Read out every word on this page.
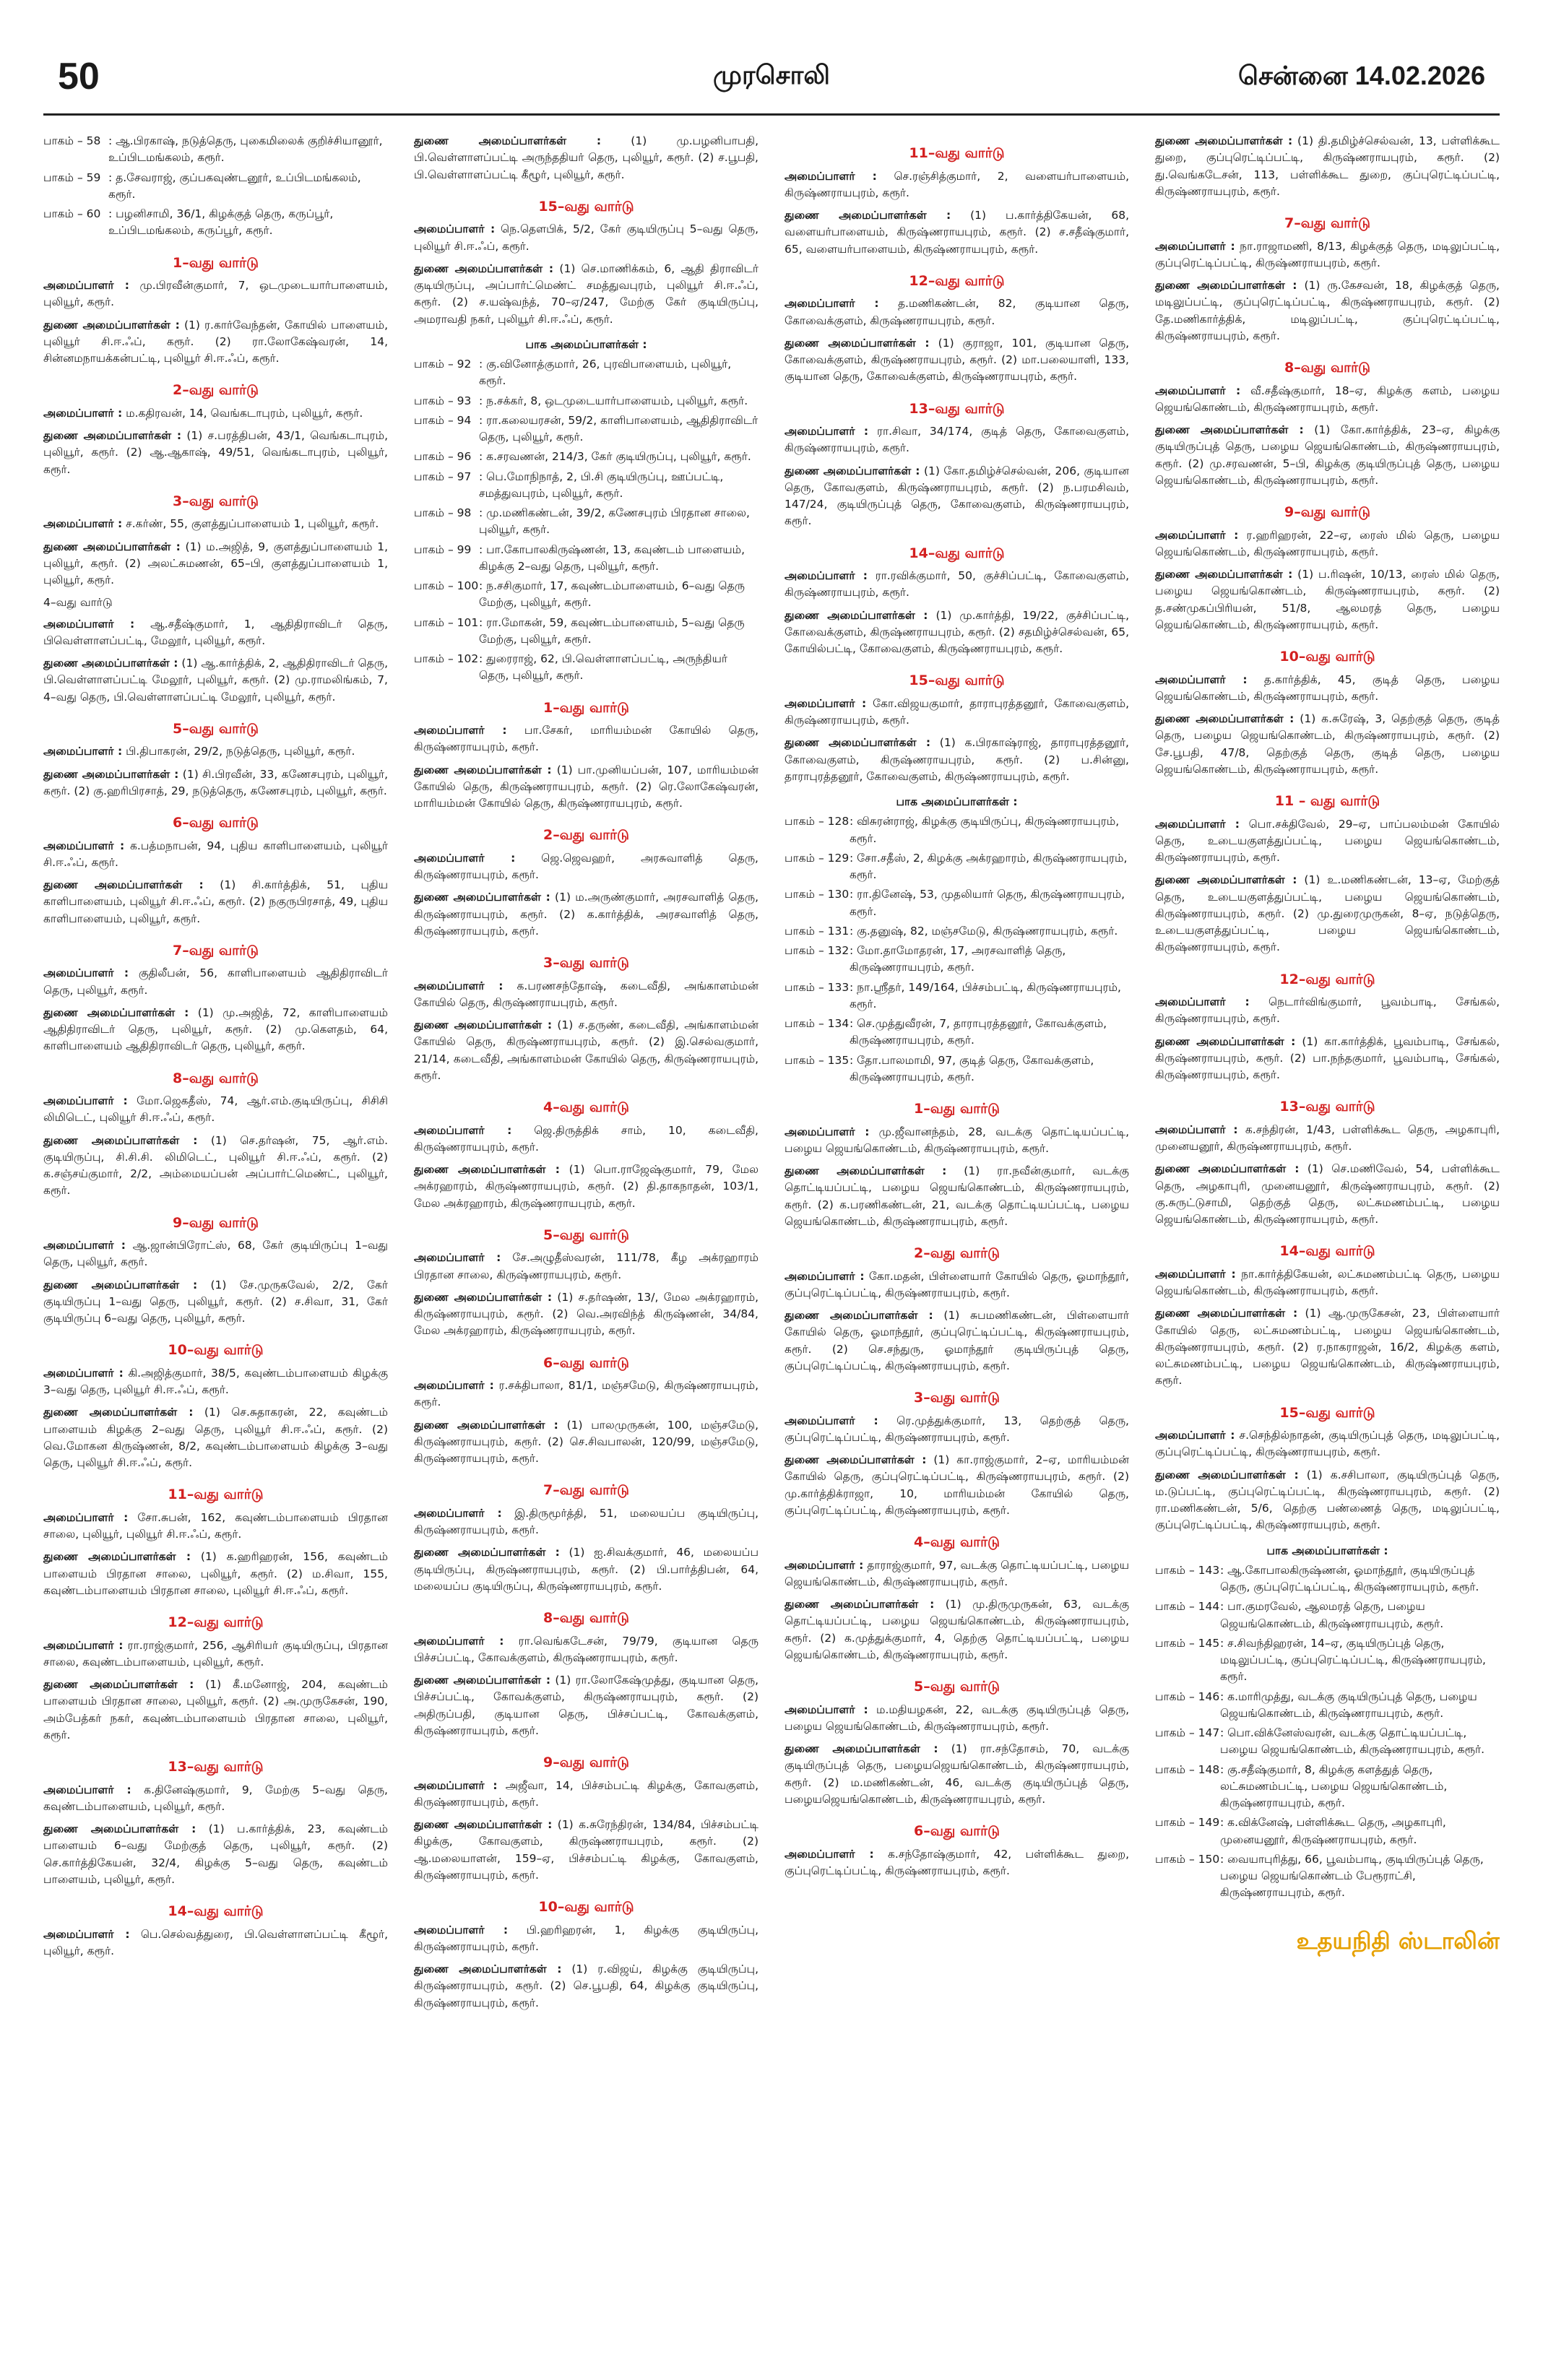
50	முரசொலி	சென்னை 14.02.2026
பாகம் – 58 : ஆ.பிரகாஷ், நடுத்தெரு, புகைமிலைக் குறிச்சியானூர், உப்பிடமங்கலம், கரூர்.
பாகம் – 59 : த.சேவராஜ், குப்பகவுண்டனூர், உப்பிடமங்கலம், கரூர்.
பாகம் – 60 : பழனிசாமி, 36/1, கிழக்குத் தெரு, கருப்பூர், உப்பிடமங்கலம், கருப்பூர், கரூர்.
1–வது வார்டு

அமைப்பாளர் : மு.பிரவீன்குமார், 7, ஒடமுடையார்பாளையம், புலியூர், கரூர்.

துணை அமைப்பாளர்கள் : (1) ர.கார்வேந்தன், கோயில் பாளையம், புலியூர் சி.ஈ.ஃப், கரூர். (2) ரா.லோகேஷ்வரன், 14, சின்னமநாயக்கன்பட்டி, புலியூர் சி.ஈ.ஃப், கரூர்.

2–வது வார்டு

அமைப்பாளர் : ம.கதிரவன், 14, வெங்கடாபுரம், புலியூர், கரூர்.

துணை அமைப்பாளர்கள் : (1) ச.பரத்திபன், 43/1, வெங்கடாபுரம், புலியூர், கரூர். (2) ஆ.ஆகாஷ், 49/51, வெங்கடாபுரம், புலியூர், கரூர்.

3–வது வார்டு

அமைப்பாளர் : ச.கர்ண், 55, குளத்துப்பாளையம் 1, புலியூர், கரூர்.

துணை அமைப்பாளர்கள் : (1) ம.அஜித், 9, குளத்துப்பாளையம் 1, புலியூர், கரூர். (2) அலட்சுமணன், 65–பி, குளத்துப்பாளையம் 1, புலியூர், கரூர்.

4–வது வார்டு

அமைப்பாளர் : ஆ.சதீஷ்குமார், 1, ஆதிதிராவிடர் தெரு, பிவெள்ளாளப்பட்டி, மேலூர், புலியூர், கரூர்.

துணை அமைப்பாளர்கள் : (1) ஆ.கார்த்திக், 2, ஆதிதிராவிடர் தெரு, பி.வெள்ளாளப்பட்டி மேலூர், புலியூர், கரூர். (2) மு.ராமலிங்கம், 7, 4–வது தெரு, பி.வெள்ளாளப்பட்டி மேலூர், புலியூர், கரூர்.

5–வது வார்டு

அமைப்பாளர் : பி.திபாகரன், 29/2, நடுத்தெரு, புலியூர், கரூர்.

துணை அமைப்பாளர்கள் : (1) சி.பிரவீன், 33, கணேசபுரம், புலியூர், கரூர். (2) கு.ஹரிபிரசாத், 29, நடுத்தெரு, கணேசபுரம், புலியூர், கரூர்.

6–வது வார்டு

அமைப்பாளர் : க.பத்மநாபன், 94, புதிய காளிபாளையம், புலியூர் சி.ஈ.ஃப், கரூர்.

துணை அமைப்பாளர்கள் : (1) சி.கார்த்திக், 51, புதிய காளிபாளையம், புலியூர் சி.ஈ.ஃப், கரூர். (2) நகுருபிரசாத், 49, புதிய காளிபாளையம், புலியூர், கரூர்.

7–வது வார்டு

அமைப்பாளர் : குதிலீபன், 56, காளிபாளையம் ஆதிதிராவிடர் தெரு, புலியூர், கரூர்.

துணை அமைப்பாளர்கள் : (1) மு.அஜித், 72, காளிபாளையம் ஆதிதிராவிடர் தெரு, புலியூர், கரூர். (2) மு.கௌதம், 64, காளிபாளையம் ஆதிதிராவிடர் தெரு, புலியூர், கரூர்.

8–வது வார்டு

அமைப்பாளர் : மோ.ஜெகதீஸ், 74, ஆர்.எம்.குடியிருப்பு, சிசிசி லிமிடெட், புலியூர் சி.ஈ.ஃப், கரூர்.

துணை அமைப்பாளர்கள் : (1) செ.தர்ஷன், 75, ஆர்.எம். குடியிருப்பு, சி.சி.சி. லிமிடெட், புலியூர் சி.ஈ.ஃப், கரூர். (2) க.சஞ்சய்குமார், 2/2, அம்மையப்பன் அப்பார்ட்மெண்ட், புலியூர், கரூர்.

9–வது வார்டு

அமைப்பாளர் : ஆ.ஜான்பிரோட்ஸ், 68, கேர் குடியிருப்பு 1–வது தெரு, புலியூர், கரூர்.

துணை அமைப்பாளர்கள் : (1) சே.முருகவேல், 2/2, கேர் குடியிருப்பு 1–வது தெரு, புலியூர், கரூர். (2) ச.சிவா, 31, கேர் குடியிருப்பு 6–வது தெரு, புலியூர், கரூர்.

10–வது வார்டு

அமைப்பாளர் : கி.அஜித்குமார், 38/5, கவுண்டம்பாளையம் கிழக்கு 3–வது தெரு, புலியூர் சி.ஈ.ஃப், கரூர்.

துணை அமைப்பாளர்கள் : (1) செ.சுதாகரன், 22, கவுண்டம் பாளையம் கிழக்கு 2–வது தெரு, புலியூர் சி.ஈ.ஃப், கரூர். (2) வெ.மோகன கிருஷ்ணன், 8/2, கவுண்டம்பாளையம் கிழக்கு 3–வது தெரு, புலியூர் சி.ஈ.ஃப், கரூர்.

11–வது வார்டு

அமைப்பாளர் : சோ.சுபன், 162, கவுண்டம்பாளையம் பிரதான சாலை, புலியூர், புலியூர் சி.ஈ.ஃப், கரூர்.

துணை அமைப்பாளர்கள் : (1) க.ஹரிஹரன், 156, கவுண்டம் பாளையம் பிரதான சாலை, புலியூர், கரூர். (2) ம.சிவா, 155, கவுண்டம்பாளையம் பிரதான சாலை, புலியூர் சி.ஈ.ஃப், கரூர்.

12–வது வார்டு

அமைப்பாளர் : ரா.ராஜ்குமார், 256, ஆசிரியர் குடியிருப்பு, பிரதான சாலை, கவுண்டம்பாளையம், புலியூர், கரூர்.

துணை அமைப்பாளர்கள் : (1) கீ.மனோஜ், 204, கவுண்டம் பாளையம் பிரதான சாலை, புலியூர், கரூர். (2) அ.முருகேசன், 190, அம்பேத்கர் நகர், கவுண்டம்பாளையம் பிரதான சாலை, புலியூர், கரூர்.

13–வது வார்டு

அமைப்பாளர் : க.தினேஷ்குமார், 9, மேற்கு 5–வது தெரு, கவுண்டம்பாளையம், புலியூர், கரூர்.

துணை அமைப்பாளர்கள் : (1) ப.கார்த்திக், 23, கவுண்டம் பாளையம் 6–வது மேற்குத் தெரு, புலியூர், கரூர். (2) செ.கார்த்திகேயன், 32/4, கிழக்கு 5–வது தெரு, கவுண்டம் பாளையம், புலியூர், கரூர்.

14–வது வார்டு

அமைப்பாளர் : பெ.செல்வத்துரை, பி.வெள்ளாளப்பட்டி கீழூர், புலியூர், கரூர்.

துணை அமைப்பாளர்கள் : (1) மு.பழனிபாபதி, பி.வெள்ளாளப்பட்டி அருந்ததியர் தெரு, புலியூர், கரூர். (2) ச.பூபதி, பி.வெள்ளாளப்பட்டி கீழூர், புலியூர், கரூர்.

15–வது வார்டு

அமைப்பாளர் : நெ.தெளபிக், 5/2, கேர் குடியிருப்பு 5–வது தெரு, புலியூர் சி.ஈ.ஃப், கரூர்.

துணை அமைப்பாளர்கள் : (1) செ.மாணிக்கம், 6, ஆதி திராவிடர் குடியிருப்பு, அப்பார்ட்மெண்ட் சமத்துவபுரம், புலியூர் சி.ஈ.ஃப், கரூர். (2) ச.யஷ்வந்த், 70–ஏ/247, மேற்கு கேர் குடியிருப்பு, அமராவதி நகர், புலியூர் சி.ஈ.ஃப், கரூர்.

பாக அமைப்பாளர்கள் :
பாகம் – 92 : கு.வினோத்குமார், 26, புரவிபாளையம், புலியூர், கரூர்.
பாகம் – 93 : ந.சக்கர், 8, ஒடமுடையார்பாளையம், புலியூர், கரூர்.
பாகம் – 94 : ரா.கலையரசன், 59/2, காளிபாளையம், ஆதிதிராவிடர் தெரு, புலியூர், கரூர்.
பாகம் – 96 : க.சரவணன், 214/3, கேர் குடியிருப்பு, புலியூர், கரூர்.
பாகம் – 97 : பெ.மோநிநாத், 2, பி.சி குடியிருப்பு, ஊப்பட்டி, சமத்துவபுரம், புலியூர், கரூர்.
பாகம் – 98 : மு.மணிகண்டன், 39/2, கணேசபுரம் பிரதான சாலை, புலியூர், கரூர்.
பாகம் – 99 : பா.கோபாலகிருஷ்ணன், 13, கவுண்டம் பாளையம், கிழக்கு 2–வது தெரு, புலியூர், கரூர்.
பாகம் – 100 : ந.சசிகுமார், 17, கவுண்டம்பாளையம், 6–வது தெரு மேற்கு, புலியூர், கரூர்.
பாகம் – 101 : ரா.மோகன், 59, கவுண்டம்பாளையம், 5–வது தெரு மேற்கு, புலியூர், கரூர்.
பாகம் – 102 : துரைராஜ், 62, பி.வெள்ளாளப்பட்டி, அருந்தியர் தெரு, புலியூர், கரூர்.
1–வது வார்டு

அமைப்பாளர் : பா.சேகர், மாரியம்மன் கோயில் தெரு, கிருஷ்ணராயபுரம், கரூர்.

துணை அமைப்பாளர்கள் : (1) பா.முனியப்பன், 107, மாரியம்மன் கோயில் தெரு, கிருஷ்ணராயபுரம், கரூர். (2) ரெ.லோகேஷ்வரன், மாரியம்மன் கோயில் தெரு, கிருஷ்ணராயபுரம், கரூர்.

2–வது வார்டு

அமைப்பாளர் : ஜெ.ஜெவஹர், அரசுவாளித் தெரு, கிருஷ்ணராயபுரம், கரூர்.

துணை அமைப்பாளர்கள் : (1) ம.அருண்குமார், அரசவாளித் தெரு, கிருஷ்ணராயபுரம், கரூர். (2) க.கார்த்திக், அரசவாளித் தெரு, கிருஷ்ணராயபுரம், கரூர்.

3–வது வார்டு

அமைப்பாளர் : க.பரணசந்தோஷ், கடைவீதி, அங்காளம்மன் கோயில் தெரு, கிருஷ்ணராயபுரம், கரூர்.

துணை அமைப்பாளர்கள் : (1) ச.தருண், கடைவீதி, அங்காளம்மன் கோயில் தெரு, கிருஷ்ணராயபுரம், கரூர். (2) இ.செல்வகுமார், 21/14, கடைவீதி, அங்காளம்மன் கோயில் தெரு, கிருஷ்ணராயபுரம், கரூர்.

4–வது வார்டு

அமைப்பாளர் : ஜெ.திருத்திக் சாம், 10, கடைவீதி, கிருஷ்ணராயபுரம், கரூர்.

துணை அமைப்பாளர்கள் : (1) பொ.ராஜேஷ்குமார், 79, மேல அக்ரஹாரம், கிருஷ்ணராயபுரம், கரூர். (2) தி.தாகநாதன், 103/1, மேல அக்ரஹாரம், கிருஷ்ணராயபுரம், கரூர்.

5–வது வார்டு

அமைப்பாளர் : சே.அழுதீஸ்வரன், 111/78, கீழ அக்ரஹாரம் பிரதான சாலை, கிருஷ்ணராயபுரம், கரூர்.

துணை அமைப்பாளர்கள் : (1) ச.தர்ஷண், 13/, மேல அக்ரஹாரம், கிருஷ்ணராயபுரம், கரூர். (2) வெ.அரவிந்த் கிருஷ்ணன், 34/84, மேல அக்ரஹாரம், கிருஷ்ணராயபுரம், கரூர்.

6–வது வார்டு

அமைப்பாளர் : ர.சக்திபாலா, 81/1, மஞ்சமேடு, கிருஷ்ணராயபுரம், கரூர்.

துணை அமைப்பாளர்கள் : (1) பாலமுருகன், 100, மஞ்சமேடு, கிருஷ்ணராயபுரம், கரூர். (2) செ.சிவபாலன், 120/99, மஞ்சமேடு, கிருஷ்ணராயபுரம், கரூர்.

7–வது வார்டு

அமைப்பாளர் : இ.திருமூர்த்தி, 51, மலையப்ப குடியிருப்பு, கிருஷ்ணராயபுரம், கரூர்.

துணை அமைப்பாளர்கள் : (1) ஐ.சிவக்குமார், 46, மலையப்ப குடியிருப்பு, கிருஷ்ணராயபுரம், கரூர். (2) பி.பார்த்திபன், 64, மலையப்ப குடியிருப்பு, கிருஷ்ணராயபுரம், கரூர்.

8–வது வார்டு

அமைப்பாளர் : ரா.வெங்கடேசன், 79/79, குடியான தெரு பிச்சப்பட்டி, கோவக்குளம், கிருஷ்ணராயபுரம், கரூர்.

துணை அமைப்பாளர்கள் : (1) ரா.லோகேஷ்முத்து, குடியான தெரு, பிச்சப்பட்டி, கோவக்குளம், கிருஷ்ணராயபுரம், கரூர். (2) அதிருப்பதி, குடியான தெரு, பிச்சப்பட்டி, கோவக்குளம், கிருஷ்ணராயபுரம், கரூர்.

9–வது வார்டு

அமைப்பாளர் : அஜீவா, 14, பிச்சம்பட்டி கிழக்கு, கோவகுளம், கிருஷ்ணராயபுரம், கரூர்.

துணை அமைப்பாளர்கள் : (1) க.சுரேந்திரன், 134/84, பிச்சம்பட்டி கிழக்கு, கோவகுளம், கிருஷ்ணராயபுரம், கரூர். (2) ஆ.மலையாளன், 159–ஏ, பிச்சம்பட்டி கிழக்கு, கோவகுளம், கிருஷ்ணராயபுரம், கரூர்.

10–வது வார்டு

அமைப்பாளர் : பி.ஹரிஹரன், 1, கிழக்கு குடியிருப்பு, கிருஷ்ணராயபுரம், கரூர்.

துணை அமைப்பாளர்கள் : (1) ர.விஜய், கிழக்கு குடியிருப்பு, கிருஷ்ணராயபுரம், கரூர். (2) செ.பூபதி, 64, கிழக்கு குடியிருப்பு, கிருஷ்ணராயபுரம், கரூர்.

11–வது வார்டு

அமைப்பாளர் : செ.ரஞ்சித்குமார், 2, வளையர்பாளையம், கிருஷ்ணராயபுரம், கரூர்.

துணை அமைப்பாளர்கள் : (1) ப.கார்த்திகேயன், 68, வளையர்பாளையம், கிருஷ்ணராயபுரம், கரூர். (2) ச.சதீஷ்குமார், 65, வளையர்பாளையம், கிருஷ்ணராயபுரம், கரூர்.

12–வது வார்டு

அமைப்பாளர் : த.மணிகண்டன், 82, குடியான தெரு, கோவைக்குளம், கிருஷ்ணராயபுரம், கரூர்.

துணை அமைப்பாளர்கள் : (1) குராஜா, 101, குடியான தெரு, கோவைக்குளம், கிருஷ்ணராயபுரம், கரூர். (2) மா.பலையாளி, 133, குடியான தெரு, கோவைக்குளம், கிருஷ்ணராயபுரம், கரூர்.

13–வது வார்டு

அமைப்பாளர் : ரா.சிவா, 34/174, குடித் தெரு, கோவைகுளம், கிருஷ்ணராயபுரம், கரூர்.

துணை அமைப்பாளர்கள் : (1) கோ.தமிழ்ச்செல்வன், 206, குடியான தெரு, கோவகுளம், கிருஷ்ணராயபுரம், கரூர். (2) ந.பரமசிவம், 147/24, குடியிருப்புத் தெரு, கோவைகுளம், கிருஷ்ணராயபுரம், கரூர்.

14–வது வார்டு

அமைப்பாளர் : ரா.ரவிக்குமார், 50, குச்சிப்பட்டி, கோவைகுளம், கிருஷ்ணராயபுரம், கரூர்.

துணை அமைப்பாளர்கள் : (1) மு.கார்த்தி, 19/22, குச்சிப்பட்டி, கோவைக்குளம், கிருஷ்ணராயபுரம், கரூர். (2) சதமிழ்ச்செல்வன், 65, கோயில்பட்டி, கோவைகுளம், கிருஷ்ணராயபுரம், கரூர்.

15–வது வார்டு

அமைப்பாளர் : கோ.விஜயகுமார், தாராபுரத்தனூர், கோவைகுளம், கிருஷ்ணராயபுரம், கரூர்.

துணை அமைப்பாளர்கள் : (1) க.பிரகாஷ்ராஜ், தாராபுரத்தனூர், கோவைகுளம், கிருஷ்ணராயபுரம், கரூர். (2) ப.சின்னு, தாராபுரத்தனூர், கோவைகுளம், கிருஷ்ணராயபுரம், கரூர்.

பாக அமைப்பாளர்கள் :
பாகம் – 128 : விசுரன்ராஜ், கிழக்கு குடியிருப்பு, கிருஷ்ணராயபுரம், கரூர்.
பாகம் – 129 : சோ.சதீஸ், 2, கிழக்கு அக்ரஹாரம், கிருஷ்ணராயபுரம், கரூர்.
பாகம் – 130 : ரா.தினேஷ், 53, முதலியார் தெரு, கிருஷ்ணராயபுரம், கரூர்.
பாகம் – 131 : கு.தனுஷ், 82, மஞ்சமேடு, கிருஷ்ணராயபுரம், கரூர்.
பாகம் – 132 : மோ.தாமோதரன், 17, அரசவாளித் தெரு, கிருஷ்ணராயபுரம், கரூர்.
பாகம் – 133 : நா.ஸ்ரீதர், 149/164, பிச்சம்பட்டி, கிருஷ்ணராயபுரம், கரூர்.
பாகம் – 134 : செ.முத்துவீரன், 7, தாராபுரத்தனூர், கோவக்குளம், கிருஷ்ணராயபுரம், கரூர்.
பாகம் – 135 : தோ.பாலமாமி, 97, குடித் தெரு, கோவக்குளம், கிருஷ்ணராயபுரம், கரூர்.
1–வது வார்டு

அமைப்பாளர் : மு.ஜீவானந்தம், 28, வடக்கு தொட்டியப்பட்டி, பழைய ஜெயங்கொண்டம், கிருஷ்ணராயபுரம், கரூர்.

துணை அமைப்பாளர்கள் : (1) ரா.நவீன்குமார், வடக்கு தொட்டியப்பட்டி, பழைய ஜெயங்கொண்டம், கிருஷ்ணராயபுரம், கரூர். (2) க.பரணிகண்டன், 21, வடக்கு தொட்டியப்பட்டி, பழைய ஜெயங்கொண்டம், கிருஷ்ணராயபுரம், கரூர்.

2–வது வார்டு

அமைப்பாளர் : கோ.மதன், பிள்ளையார் கோயில் தெரு, ஓமாந்தூர், குப்புரெட்டிப்பட்டி, கிருஷ்ணராயபுரம், கரூர்.

துணை அமைப்பாளர்கள் : (1) சுபமணிகண்டன், பிள்ளையார் கோயில் தெரு, ஓமாந்தூர், குப்புரெட்டிப்பட்டி, கிருஷ்ணராயபுரம், கரூர். (2) செ.சந்துரு, ஓமாந்தூர் குடியிருப்புத் தெரு, குப்புரெட்டிப்பட்டி, கிருஷ்ணராயபுரம், கரூர்.

3–வது வார்டு

அமைப்பாளர் : ரெ.முத்துக்குமார், 13, தெற்குத் தெரு, குப்புரெட்டிப்பட்டி, கிருஷ்ணராயபுரம், கரூர்.

துணை அமைப்பாளர்கள் : (1) கா.ராஜ்குமார், 2–ஏ, மாரியம்மன் கோயில் தெரு, குப்புரெட்டிப்பட்டி, கிருஷ்ணராயபுரம், கரூர். (2) மு.கார்த்திக்ராஜா, 10, மாரியம்மன் கோயில் தெரு, குப்புரெட்டிப்பட்டி, கிருஷ்ணராயபுரம், கரூர்.

4–வது வார்டு

அமைப்பாளர் : தாராஜ்குமார், 97, வடக்கு தொட்டியப்பட்டி, பழைய ஜெயங்கொண்டம், கிருஷ்ணராயபுரம், கரூர்.

துணை அமைப்பாளர்கள் : (1) மு.திருமுருகன், 63, வடக்கு தொட்டியப்பட்டி, பழைய ஜெயங்கொண்டம், கிருஷ்ணராயபுரம், கரூர். (2) க.முத்துக்குமார், 4, தெற்கு தொட்டியப்பட்டி, பழைய ஜெயங்கொண்டம், கிருஷ்ணராயபுரம், கரூர்.

5–வது வார்டு

அமைப்பாளர் : ம.மதியழகன், 22, வடக்கு குடியிருப்புத் தெரு, பழைய ஜெயங்கொண்டம், கிருஷ்ணராயபுரம், கரூர்.

துணை அமைப்பாளர்கள் : (1) ரா.சந்தோசம், 70, வடக்கு குடியிருப்புத் தெரு, பழையஜெயங்கொண்டம், கிருஷ்ணராயபுரம், கரூர். (2) ம.மணிகண்டன், 46, வடக்கு குடியிருப்புத் தெரு, பழையஜெயங்கொண்டம், கிருஷ்ணராயபுரம், கரூர்.

6–வது வார்டு

அமைப்பாளர் : க.சந்தோஷ்குமார், 42, பள்ளிக்கூட துறை, குப்புரெட்டிப்பட்டி, கிருஷ்ணராயபுரம், கரூர்.

துணை அமைப்பாளர்கள் : (1) தி.தமிழ்ச்செல்வன், 13, பள்ளிக்கூட துறை, குப்புரெட்டிப்பட்டி, கிருஷ்ணராயபுரம், கரூர். (2) து.வெங்கடேசன், 113, பள்ளிக்கூட துறை, குப்புரெட்டிப்பட்டி, கிருஷ்ணராயபுரம், கரூர்.

7–வது வார்டு

அமைப்பாளர் : நா.ராஜாமணி, 8/13, கிழக்குத் தெரு, மடிலுப்பட்டி, குப்புரெட்டிப்பட்டி, கிருஷ்ணராயபுரம், கரூர்.

துணை அமைப்பாளர்கள் : (1) ரு.கேசவன், 18, கிழக்குத் தெரு, மடிலுப்பட்டி, குப்புரெட்டிப்பட்டி, கிருஷ்ணராயபுரம், கரூர். (2) தே.மணிகார்த்திக், மடிலுப்பட்டி, குப்புரெட்டிப்பட்டி, கிருஷ்ணராயபுரம், கரூர்.

8–வது வார்டு

அமைப்பாளர் : வீ.சதீஷ்குமார், 18–ஏ, கிழக்கு களம், பழைய ஜெயங்கொண்டம், கிருஷ்ணராயபுரம், கரூர்.

துணை அமைப்பாளர்கள் : (1) கோ.கார்த்திக், 23–ஏ, கிழக்கு குடியிருப்புத் தெரு, பழைய ஜெயங்கொண்டம், கிருஷ்ணராயபுரம், கரூர். (2) மு.சரவணன், 5–பி, கிழக்கு குடியிருப்புத் தெரு, பழைய ஜெயங்கொண்டம், கிருஷ்ணராயபுரம், கரூர்.

9–வது வார்டு

அமைப்பாளர் : ர.ஹரிஹரன், 22–ஏ, ரைஸ் மில் தெரு, பழைய ஜெயங்கொண்டம், கிருஷ்ணராயபுரம், கரூர்.

துணை அமைப்பாளர்கள் : (1) ப.ரிஷன், 10/13, ரைஸ் மில் தெரு, பழைய ஜெயங்கொண்டம், கிருஷ்ணராயபுரம், கரூர். (2) த.சண்முகப்பிரியன், 51/8, ஆலமரத் தெரு, பழைய ஜெயங்கொண்டம், கிருஷ்ணராயபுரம், கரூர்.

10–வது வார்டு

அமைப்பாளர் : த.கார்த்திக், 45, குடித் தெரு, பழைய ஜெயங்கொண்டம், கிருஷ்ணராயபுரம், கரூர்.

துணை அமைப்பாளர்கள் : (1) க.சுரேஷ், 3, தெற்குத் தெரு, குடித் தெரு, பழைய ஜெயங்கொண்டம், கிருஷ்ணராயபுரம், கரூர். (2) சே.பூபதி, 47/8, தெற்குத் தெரு, குடித் தெரு, பழைய ஜெயங்கொண்டம், கிருஷ்ணராயபுரம், கரூர்.

11 – வது வார்டு

அமைப்பாளர் : பொ.சக்திவேல், 29–ஏ, பாப்பலம்மன் கோயில் தெரு, உடையகுளத்துப்பட்டி, பழைய ஜெயங்கொண்டம், கிருஷ்ணராயபுரம், கரூர்.

துணை அமைப்பாளர்கள் : (1) உ.மணிகண்டன், 13–ஏ, மேற்குத் தெரு, உடையகுளத்துப்பட்டி, பழைய ஜெயங்கொண்டம், கிருஷ்ணராயபுரம், கரூர். (2) மு.துரைமுருகன், 8–ஏ, நடுத்தெரு, உடையகுளத்துப்பட்டி, பழைய ஜெயங்கொண்டம், கிருஷ்ணராயபுரம், கரூர்.

12–வது வார்டு

அமைப்பாளர் : நெடார்விங்குமார், பூவம்பாடி, சேங்கல், கிருஷ்ணராயபுரம், கரூர்.

துணை அமைப்பாளர்கள் : (1) கா.கார்த்திக், பூவம்பாடி, சேங்கல், கிருஷ்ணராயபுரம், கரூர். (2) பா.நந்தகுமார், பூவம்பாடி, சேங்கல், கிருஷ்ணராயபுரம், கரூர்.

13–வது வார்டு

அமைப்பாளர் : க.சந்திரன், 1/43, பள்ளிக்கூட தெரு, அழகாபுரி, முனையனூர், கிருஷ்ணராயபுரம், கரூர்.

துணை அமைப்பாளர்கள் : (1) செ.மணிவேல், 54, பள்ளிக்கூட தெரு, அழகாபுரி, முனையனூர், கிருஷ்ணராயபுரம், கரூர். (2) கு.சுருட்டுசாமி, தெற்குத் தெரு, லட்சுமணம்பட்டி, பழைய ஜெயங்கொண்டம், கிருஷ்ணராயபுரம், கரூர்.

14–வது வார்டு

அமைப்பாளர் : நா.கார்த்திகேயன், லட்சுமணம்பட்டி தெரு, பழைய ஜெயங்கொண்டம், கிருஷ்ணராயபுரம், கரூர்.

துணை அமைப்பாளர்கள் : (1) ஆ.முருகேசன், 23, பிள்ளையார் கோயில் தெரு, லட்சுமணம்பட்டி, பழைய ஜெயங்கொண்டம், கிருஷ்ணராயபுரம், கரூர். (2) ர.நாகராஜன், 16/2, கிழக்கு களம், லட்சுமணம்பட்டி, பழைய ஜெயங்கொண்டம், கிருஷ்ணராயபுரம், கரூர்.

15–வது வார்டு

அமைப்பாளர் : ச.செந்தில்நாதன், குடியிருப்புத் தெரு, மடிலுப்பட்டி, குப்புரெட்டிப்பட்டி, கிருஷ்ணராயபுரம், கரூர்.

துணை அமைப்பாளர்கள் : (1) க.சசிபாலா, குடியிருப்புத் தெரு, ம.டுப்பட்டி, குப்புரெட்டிப்பட்டி, கிருஷ்ணராயபுரம், கரூர். (2) ரா.மணிகண்டன், 5/6, தெற்கு பண்ணைத் தெரு, மடிலுப்பட்டி, குப்புரெட்டிப்பட்டி, கிருஷ்ணராயபுரம், கரூர்.

பாக அமைப்பாளர்கள் :
பாகம் – 143 : ஆ.கோபாலகிருஷ்ணன், ஓமாந்தூர், குடியிருப்புத் தெரு, குப்புரெட்டிப்பட்டி, கிருஷ்ணராயபுரம், கரூர்.
பாகம் – 144 : பா.குமரவேல், ஆலமரத் தெரு, பழைய ஜெயங்கொண்டம், கிருஷ்ணராயபுரம், கரூர்.
பாகம் – 145 : ச.சிவந்திஹரன், 14–ஏ, குடியிருப்புத் தெரு, மடிலுப்பட்டி, குப்புரெட்டிப்பட்டி, கிருஷ்ணராயபுரம், கரூர்.
பாகம் – 146 : க.மாரிமுத்து, வடக்கு குடியிருப்புத் தெரு, பழைய ஜெயங்கொண்டம், கிருஷ்ணராயபுரம், கரூர்.
பாகம் – 147 : பொ.விக்னேஸ்வரன், வடக்கு தொட்டியப்பட்டி, பழைய ஜெயங்கொண்டம், கிருஷ்ணராயபுரம், கரூர்.
பாகம் – 148 : கு.சதீஷ்குமார், 8, கிழக்கு களத்துத் தெரு, லட்சுமணம்பட்டி, பழைய ஜெயங்கொண்டம், கிருஷ்ணராயபுரம், கரூர்.
பாகம் – 149 : க.விக்னேஷ், பள்ளிக்கூட தெரு, அழகாபுரி, முனையனூர், கிருஷ்ணராயபுரம், கரூர்.
பாகம் – 150 : வையாபுரித்து, 66, பூவம்பாடி, குடியிருப்புத் தெரு, பழைய ஜெயங்கொண்டம் பேரூராட்சி, கிருஷ்ணராயபுரம், கரூர்.
உதயநிதி ஸ்டாலின்
